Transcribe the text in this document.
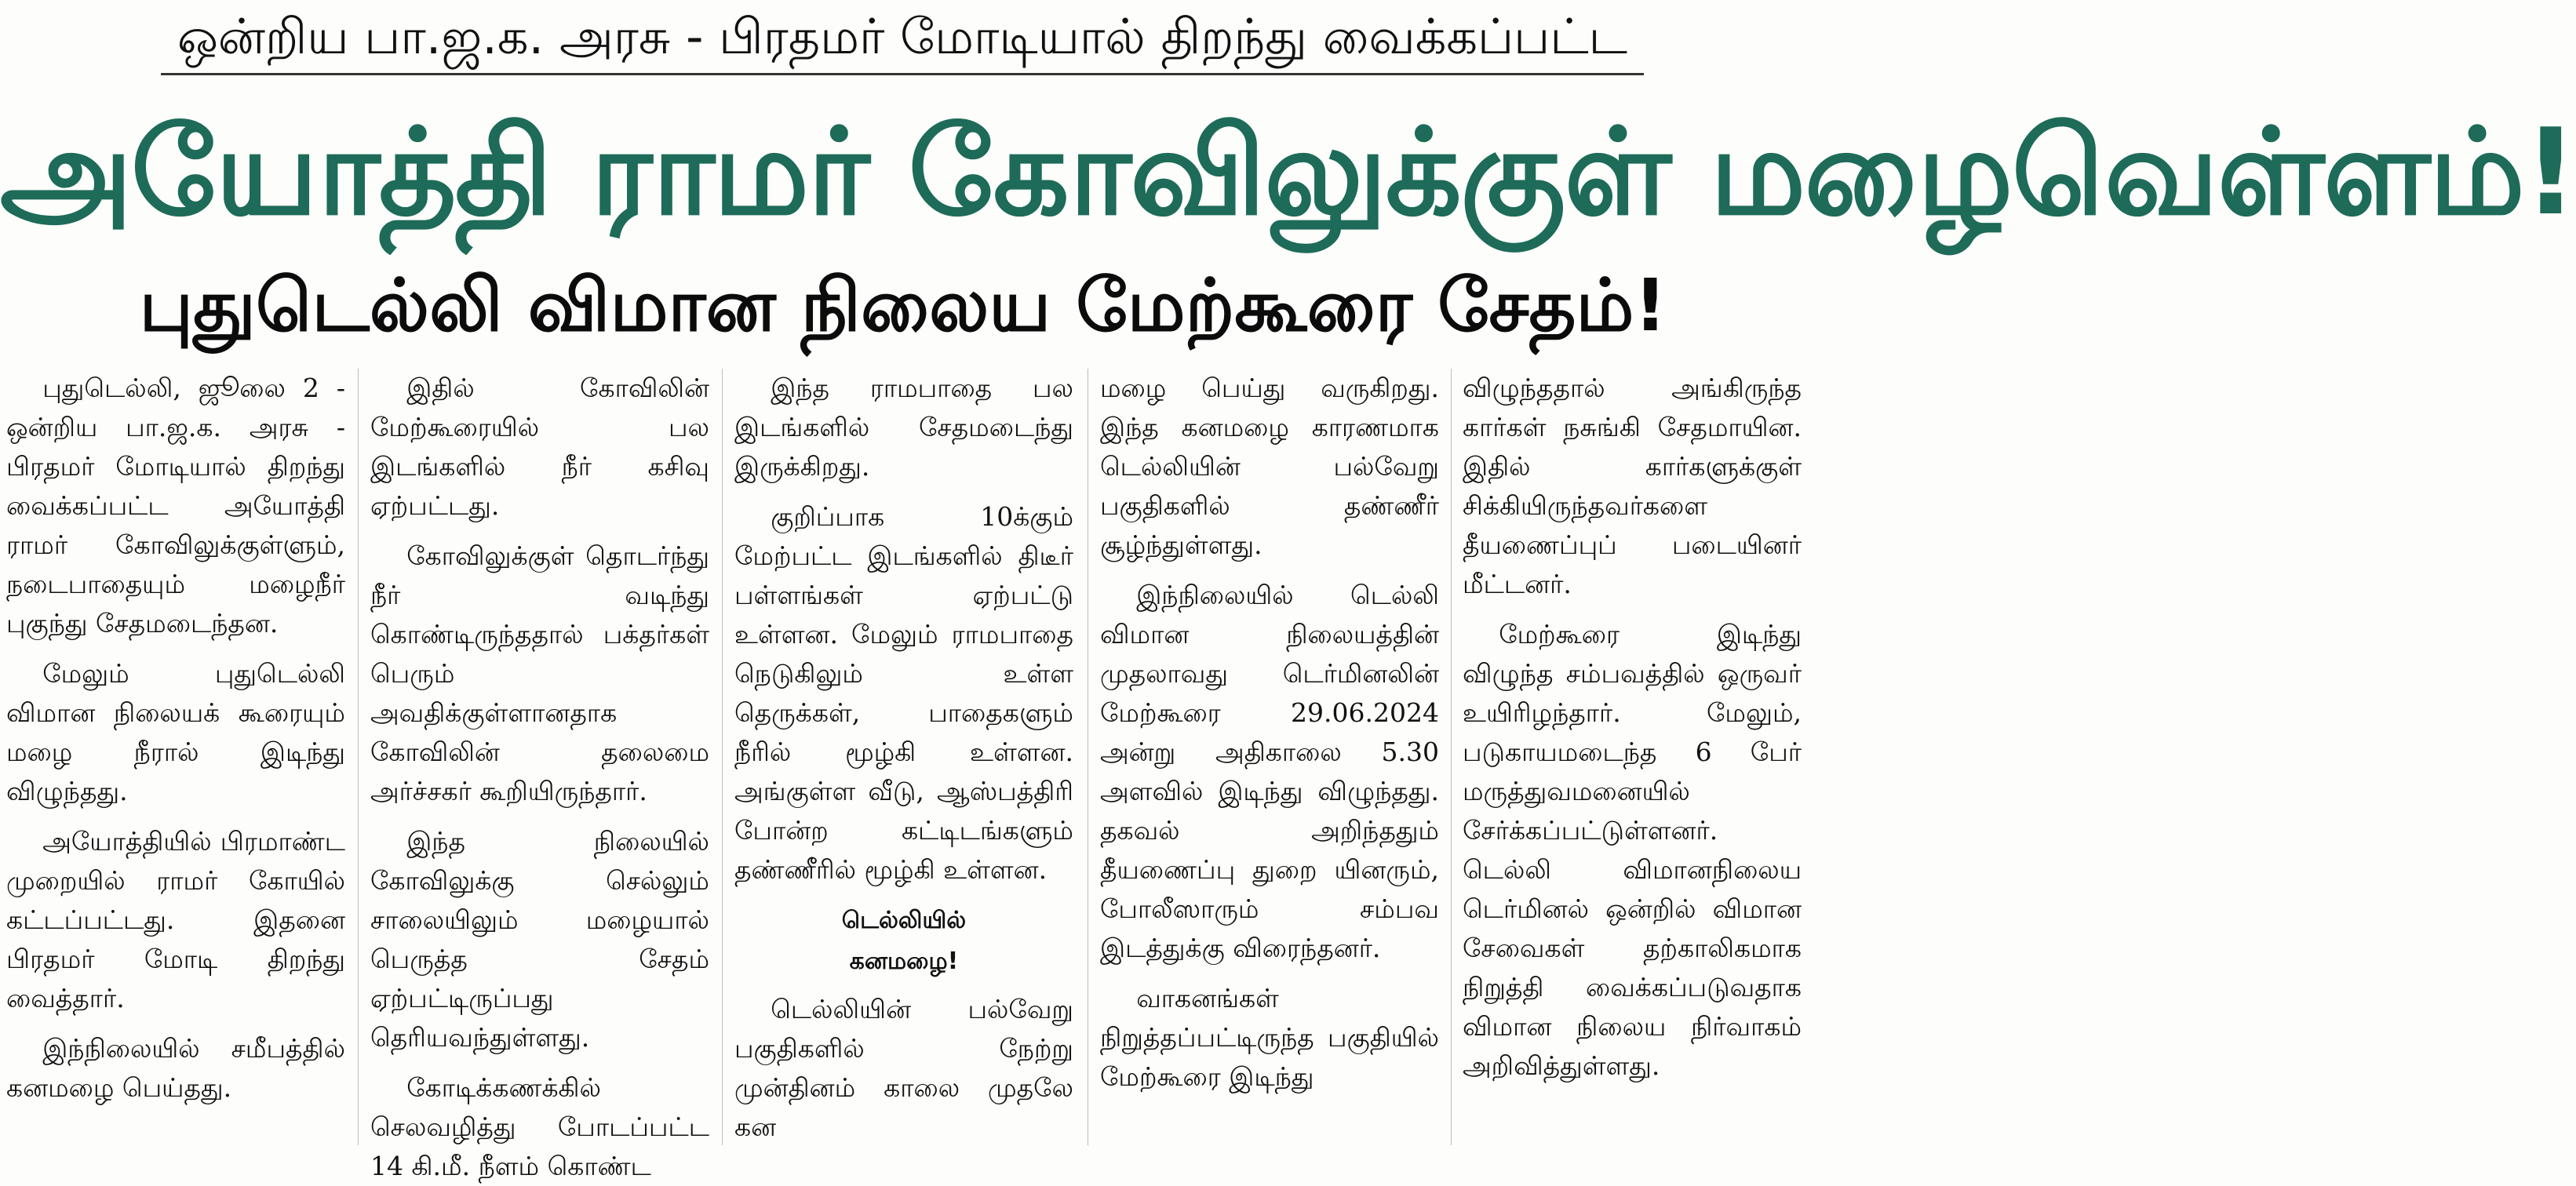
ஒன்றிய பா.ஜ.க. அரசு - பிரதமர் மோடியால் திறந்து வைக்கப்பட்ட
அயோத்தி ராமர் கோவிலுக்குள் மழைவெள்ளம்!
புதுடெல்லி விமான நிலைய மேற்கூரை சேதம்!

புதுடெல்லி, ஜூலை 2 - ஒன்றிய பா.ஜ.க. அரசு - பிரதமர் மோடியால் திறந்து வைக்கப்பட்ட அயோத்தி ராமர் கோவிலுக்குள்ளும், நடைபாதையும் மழைநீர் புகுந்து சேதமடைந்தன.

மேலும் புதுடெல்லி விமான நிலையக் கூரையும் மழை நீரால் இடிந்து விழுந்தது.

அயோத்தியில் பிரமாண்ட முறையில் ராமர் கோயில் கட்டப்பட்டது. இதனை பிரதமர் மோடி திறந்து வைத்தார்.

இந்நிலையில் சமீபத்தில் கனமழை பெய்தது.

இதில் கோவிலின் மேற்கூரையில் பல இடங்களில் நீர் கசிவு ஏற்பட்டது.

கோவிலுக்குள் தொடர்ந்து நீர் வடிந்து கொண்டிருந்ததால் பக்தர்கள் பெரும் அவதிக்குள்ளானதாக கோவிலின் தலைமை அர்ச்சகர் கூறியிருந்தார்.

இந்த நிலையில் கோவிலுக்கு செல்லும் சாலையிலும் மழையால் பெருத்த சேதம் ஏற்பட்டிருப்பது தெரியவந்துள்ளது.

கோடிக்கணக்கில் செலவழித்து போடப்பட்ட 14 கி.மீ. நீளம் கொண்ட

இந்த ராமபாதை பல இடங்களில் சேதமடைந்து இருக்கிறது.

குறிப்பாக 10க்கும் மேற்பட்ட இடங்களில் திடீர் பள்ளங்கள் ஏற்பட்டு உள்ளன. மேலும் ராமபாதை நெடுகிலும் உள்ள தெருக்கள், பாதைகளும் நீரில் மூழ்கி உள்ளன. அங்குள்ள வீடு, ஆஸ்பத்திரி போன்ற கட்டிடங்களும் தண்ணீரில் மூழ்கி உள்ளன.

டெல்லியில்
கனமழை!

டெல்லியின் பல்வேறு பகுதிகளில் நேற்று முன்தினம் காலை முதலே கன

மழை பெய்து வருகிறது. இந்த கனமழை காரணமாக டெல்லியின் பல்வேறு பகுதிகளில் தண்ணீர் சூழ்ந்துள்ளது.

இந்நிலையில் டெல்லி விமான நிலையத்தின் முதலாவது டெர்மினலின் மேற்கூரை 29.06.2024 அன்று அதிகாலை 5.30 அளவில் இடிந்து விழுந்தது. தகவல் அறிந்ததும் தீயணைப்பு துறை யினரும், போலீஸாரும் சம்பவ இடத்துக்கு விரைந்தனர்.

வாகனங்கள் நிறுத்தப்பட்டிருந்த பகுதியில் மேற்கூரை இடிந்து

விழுந்ததால் அங்கிருந்த கார்கள் நசுங்கி சேதமாயின. இதில் கார்களுக்குள் சிக்கியிருந்தவர்களை தீயணைப்புப் படையினர் மீட்டனர்.

மேற்கூரை இடிந்து விழுந்த சம்பவத்தில் ஒருவர் உயிரிழந்தார். மேலும், படுகாயமடைந்த 6 பேர் மருத்துவமனையில் சேர்க்கப்பட்டுள்ளனர். டெல்லி விமானநிலைய டெர்மினல் ஒன்றில் விமான சேவைகள் தற்காலிகமாக நிறுத்தி வைக்கப்படுவதாக விமான நிலைய நிர்வாகம் அறிவித்துள்ளது.
